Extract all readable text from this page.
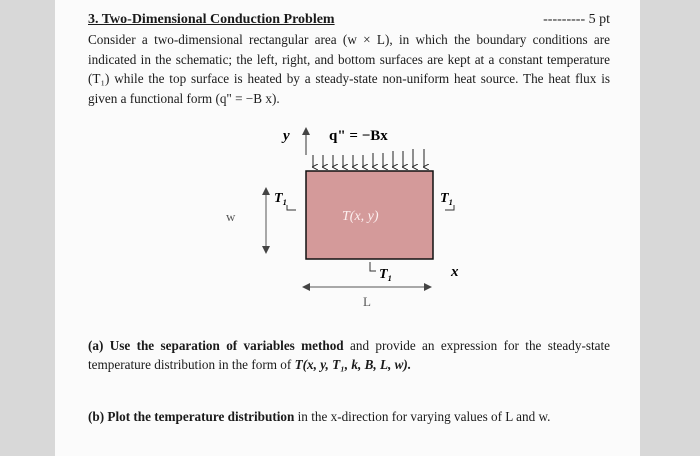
3. Two-Dimensional Conduction Problem	--------- 5 pt
Consider a two-dimensional rectangular area (w × L), in which the boundary conditions are indicated in the schematic; the left, right, and bottom surfaces are kept at a constant temperature (T₁) while the top surface is heated by a steady-state non-uniform heat source. The heat flux is given a functional form (q" = −B x).
y	q" = −Bx
T(x, y)
T₁	T₁
T₁	x
w
L
(a) Use the separation of variables method and provide an expression for the steady-state temperature distribution in the form of T(x, y, T₁, k, B, L, w).
(b) Plot the temperature distribution in the x-direction for varying values of L and w.
